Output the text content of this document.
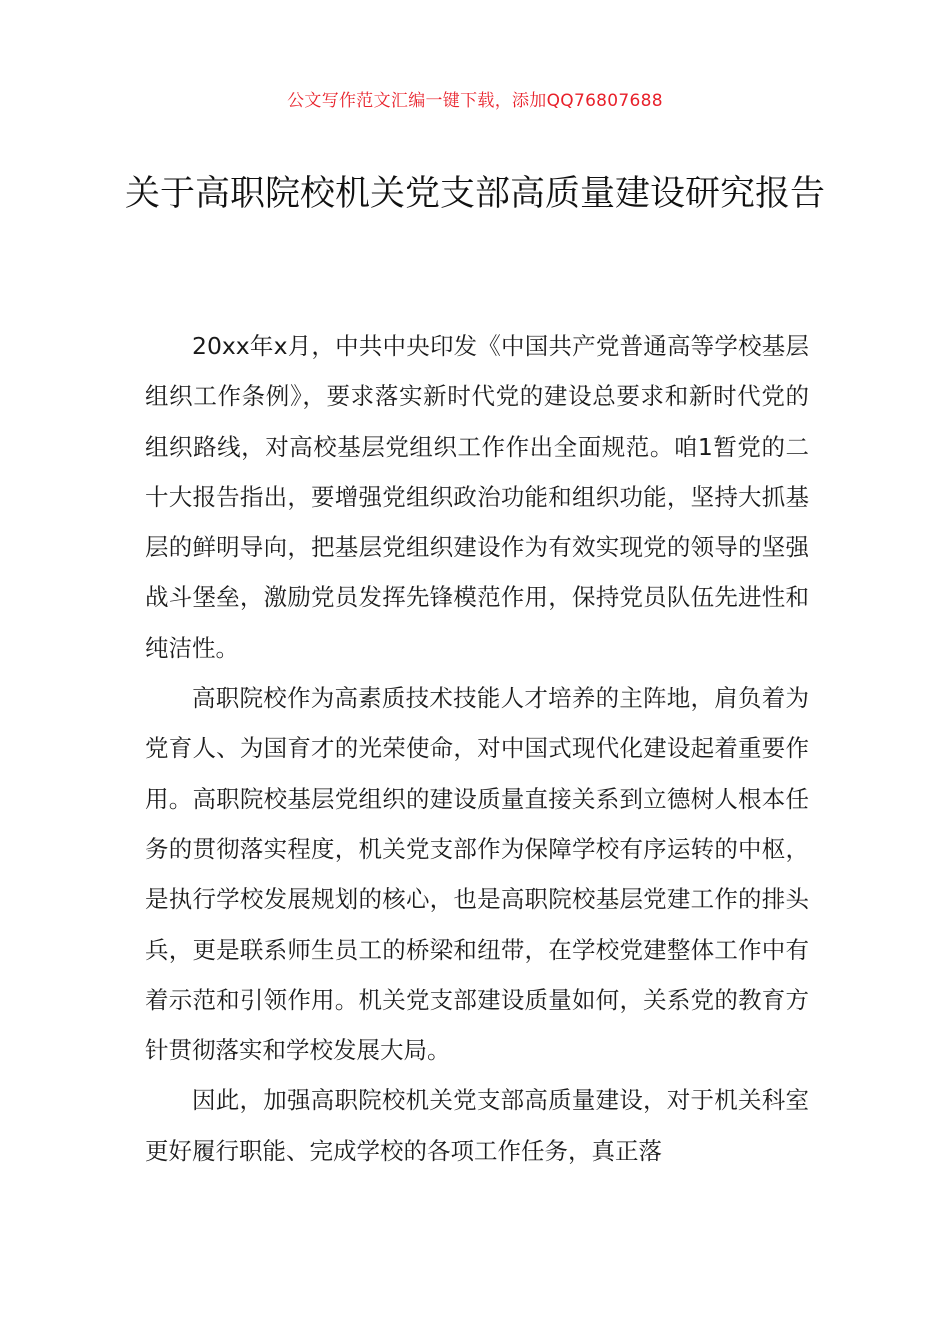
公文写作范文汇编一键下载，添加QQ76807688
关于高职院校机关党支部高质量建设研究报告

20xx年x月，中共中央印发《中国共产党普通高等学校基层组织工作条例》，要求落实新时代党的建设总要求和新时代党的组织路线，对高校基层党组织工作作出全面规范。咱1暂党的二十大报告指出，要增强党组织政治功能和组织功能，坚持大抓基层的鲜明导向，把基层党组织建设作为有效实现党的领导的坚强战斗堡垒，激励党员发挥先锋模范作用，保持党员队伍先进性和纯洁性。

高职院校作为高素质技术技能人才培养的主阵地，肩负着为党育人、为国育才的光荣使命，对中国式现代化建设起着重要作用。高职院校基层党组织的建设质量直接关系到立德树人根本任务的贯彻落实程度，机关党支部作为保障学校有序运转的中枢，是执行学校发展规划的核心，也是高职院校基层党建工作的排头兵，更是联系师生员工的桥梁和纽带，在学校党建整体工作中有着示范和引领作用。机关党支部建设质量如何，关系党的教育方针贯彻落实和学校发展大局。

因此，加强高职院校机关党支部高质量建设，对于机关科室更好履行职能、完成学校的各项工作任务，真正落
